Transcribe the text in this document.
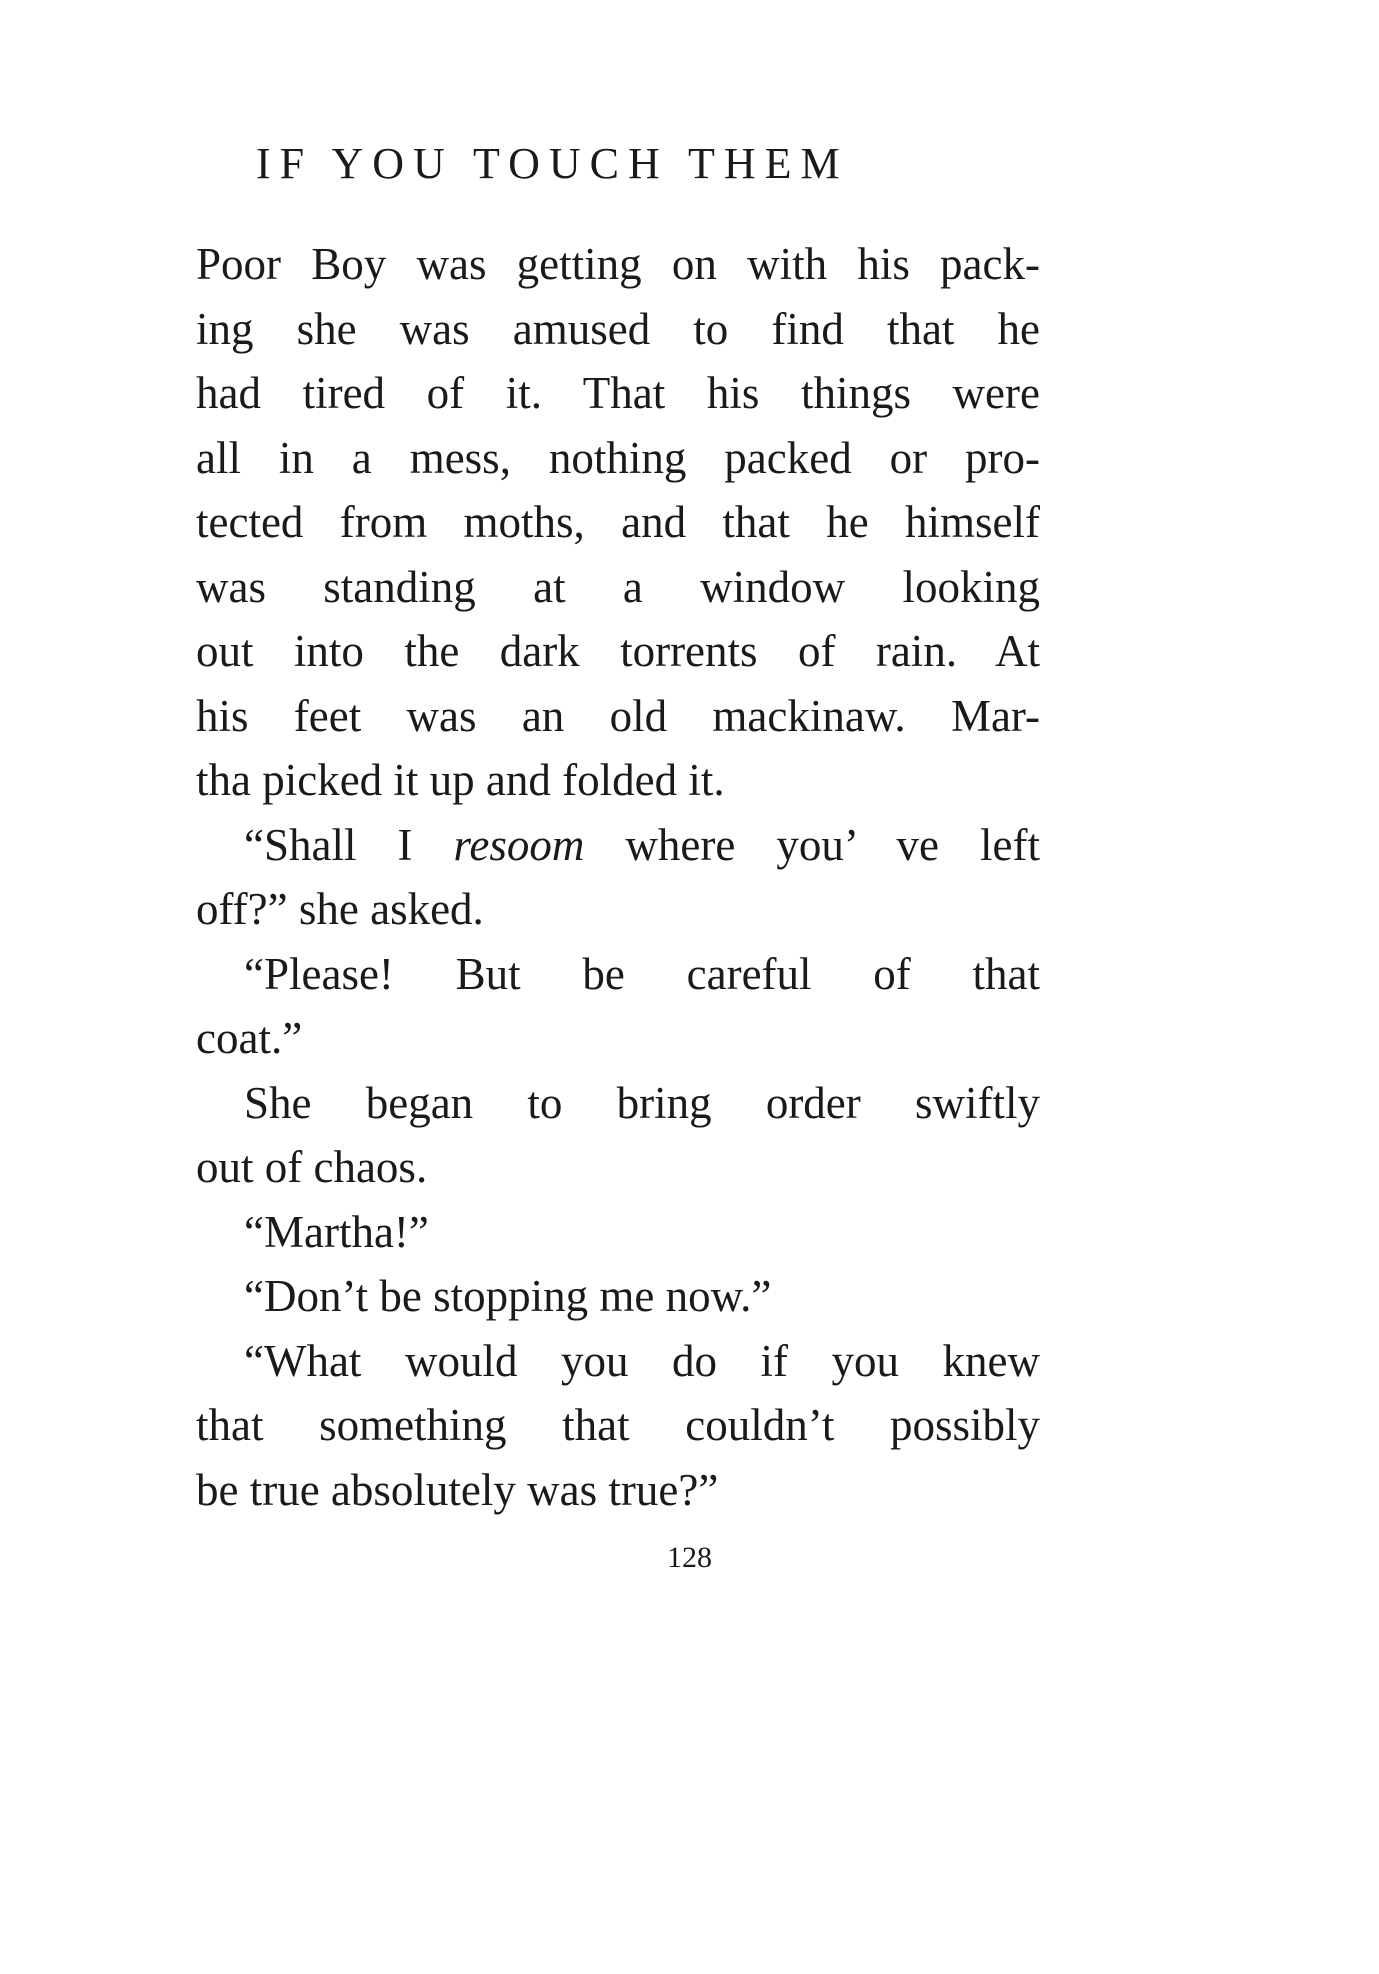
IF YOU TOUCH THEM
Poor Boy was getting on with his pack-
ing she was amused to find that he
had tired of it. That his things were
all in a mess, nothing packed or pro-
tected from moths, and that he himself
was standing at a window looking
out into the dark torrents of rain. At
his feet was an old mackinaw. Mar-
tha picked it up and folded it.
“Shall I resoom where you’ ve left
off?” she asked.
“Please! But be careful of that
coat.”
She began to bring order swiftly
out of chaos.
“Martha!”
“Don’t be stopping me now.”
“What would you do if you knew
that something that couldn’t possibly
be true absolutely was true?”
128
